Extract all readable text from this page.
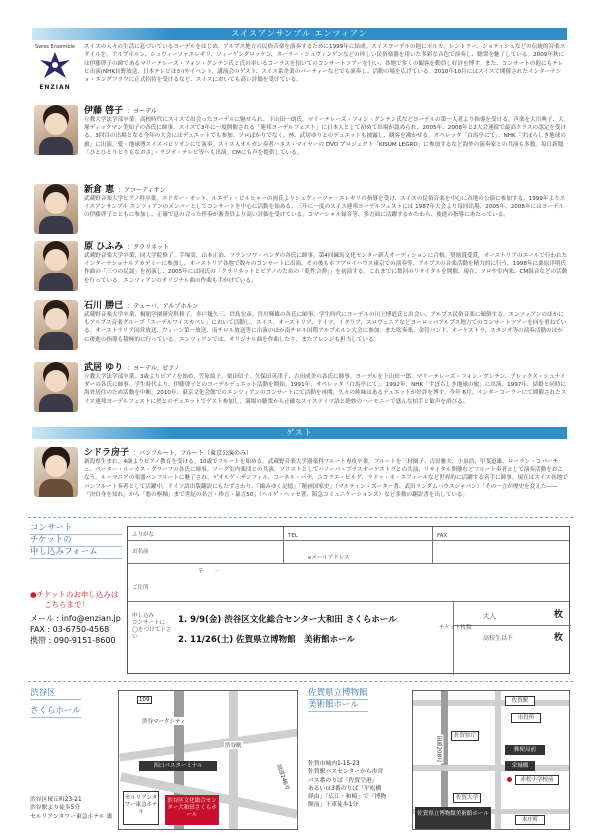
スイスアンサンブル エンツィアン
Swiss Ensemble
ENZIAN
スイスの人々の生活に息づいているヨーデルをはじめ、アルプス地方の民俗音楽を演奏するために1999年に結成。スイスヨーデルの他にポルカ、レントラー、ショティシュなどの伝統的音楽スタイルを、アルプホルン、シュヴィーツァエレギリ、ツィーゲングロッケン、ターラー・シュヴィンゲンなどの珍しい民俗楽器を用いた多彩な音色で演奏し、聴衆を魅了している。2009年秋には伊藤啓子の師であるマリーテレーズ・フォン・グンテン氏と氏の率いるコーラスを招いてのコンサートツアーを行い、各地で多くの観客を動員し好評を博す。また、コンサートの他にもテレビ出演(NHK長野放送、日本テレビほか)やイベント、講演会のゲスト、スイス系企業のパーティーなどでも演奏し、活動の場を広げている。2010年10月にはスイスで開催されたインターナショ・エングフラウに正式招待を受けるなど、スイスにおいても高い評価を受けている。
伊藤 啓子 ：ヨーデル
立教大学法学部卒業。高校時代にスイスで出会ったヨーデルに魅せられ、下山田一朗氏、マリーテレーズ・フォン・グンテン氏などヨーデルの第一人者より指導を受ける。声楽を大川典子、大塚ディックマン美知子の各氏に師事。スイスで3年に一度開催される「連邦ヨーデルフェスト」に日本人として初めて出場が認められ、2005年、2008年と2大会連続で最高クラスの認定を受ける。3回目の出場となる今年の大会にはデュエットでも参加。ソロばかりでなく、林、武居ゆりとのデュエットも披露し、観客を沸かせる。オペレッタ「白馬亭にて」、NHK「すぼらしき地球の旅」に出演。愛・地球博スイスパビリオンにて演奏。スイス人オルガン奏者ハネス・マイヤーの DVD プロジェクト「KISUM LEGRO」に参加するなど海外の演奏家との共演も多数。毎日新聞「ひとひとりとりもなおさ」・ラジオ・テレビ等へも出演。CMにも声を提供している。
新倉 恵 ：アコーディオン
武蔵野音楽大学ピアノ科卒業。エドガー・オット、ルエディ・ビルヒャーの両氏よりシュヴィーツァ・エレギリの指導を受け、スイスの民俗音楽を中心に各地の公演に参加する。1999年よりスイスアンサンブル エンツィアンのメンバーとしてコンサートを中心に活動を始める。三年に一度のスイス連邦ヨーデルフェストには 1987年大会より毎回出場、2005年、2008年にはヨーデルの伊藤啓子とともに参加し、正確で息の合った伴奏が審査員より高い評価を受けている。コマーシャル録音等、多方面に活躍するかたわら、後進の指導にあたっている。
原 ひふみ ：クラリネット
武蔵野音楽大学卒業、同大学院修了。手塚実、山本正治、フランツワ・ベンダの各氏に師事。第4回練馬文化センター新人オーディションに合格。奨励賞受賞。オーストリアのエールで行われたインターナショナルアカデミーに参加し、オーストリア各地で数々のコンサートに出演。その後もホフブロイハウス東京での演奏等、アルプスの音楽活動を精力的に行う。1998年に桑原洋明氏作曲の「三つの民謡」を初演し、2005年には同氏の「クラリネットとピアノのための「乾性合弾」」を初演する。これまでに数回のリサイタルを開催、現在、ソロや室内楽、CM録音などの活動を行っている。エンツィアンのオリジナル曲の作曲も手がけている。
石川 勝已 ：テューバ、アルプホルン
武蔵野音楽大学卒業、桐朋学園研究科修了。多戸幾久三、員島宏彦、宮川輝雄の各氏に師事。学生時代にヨーデルの川上博道氏と出会い、アルプス民俗音楽に傾倒する。エンツィアンのほかにもアルプス音楽グループ「エーデルワイスカペレ」において活動し、スイス、オーストリア、ドイツ、イタリア、スロヴェニアなどヨーロッパアルプス地方でのコンサートツアーを回を重ねている。オーストラリア国営放送、ウィーン第一放送、南チロル放送等に出演のほか南チロル国際アルプホルン大会に参加。また吹奏楽、金管バンド、オーケストラ、スタジオ等の演奏活動のほかに後進の指導も積極的に行っている。エンツィアンでは、オリジナル曲を作曲したり、またアレンジも担当している。
武居 ゆり ：ヨーデル、ピアノ
立教大学法学部卒業。3歳よりピアノを始め、笠原綾子、栗田信子、久保田英津子、吉田成美の各氏に師事。ヨーデルを下山田一郎、マリーテレーズ・フォン・グンテン、アレックス・シュナイダーの各氏に師事。学生時代より、伊藤啓子とのヨーデルデュエット活動を開始。1991年、オペレッタ「白馬亭にて」、1992年、NHK「すぼらしき地球の旅」に出演。1997年、結婚と同時に海外居住のため活動を中断。2010年、東京文化会館でのエンツィアンのコンサートにて活動を再開、久々の純味はあるデュエットが好評を博す。今年 6月、インターコーラーにて開催されたスイス連邦ヨーデルフェストに於とのデュエットでゲスト参加し、満場の聴衆から正確なスイスドイツ語と絶妙のハーモニーで盛んな拍手と歓声を浴びる。
ゲスト
シドラ房子 ：パンフルート、フルート（東京公演のみ）
新潟県生まれ。4歳よりピアノ教育を受ける。10歳でフルートを始める。武蔵野音楽大学器楽科フルート専攻卒業。フルートを三村園子、吉田雅夫、小泉浩、甲斐道雄、ローラン・コバーチェ、ペーター・ルーカス・グラーフの各氏に師事。ソーグ室内楽団との共演、ソリストとしてハノーバ・ブラスオーケストラとの共演、リサイタル開催などフルート奏者として演奏活動をおこなう。ルーマニアの楽器パンフルートに魅了され、ゲオルゲ・ザンフィル、コーネル・パナ、ニコラエ・ピルグ、ラドゥ・ネ・エフィールなど世界的に活躍する名手に師事。現在はスイス各地でパンフルート奏者として活躍中。ドイツ語出版翻訳にもたずさわり、「縮みゆく記憶」「秘画国家史」（マルティン・ズーター著、武田ランダムハウスジャパン）「その一言が歴史を変えた――「決自身を知れ」から「悪の枢軸」まで世紀の名言・珍言・暴言50」（ヘルゲ・ヘッセ著、阪急コミュニケーションズ）など多数の翻訳書を出している。
コンサート
チケットの
申し込みフォーム
●チケットのお申し込みは
こちらまで！
メール : info@enzian.jp
FAX : 03-6750-4568
携帯 : 090-9151-8600
ふりがな
お名前
TEL	FAX
eメールアドレス
〒　　－
ご住所
申し込み
コンサートに
◯をつけて下さい
1. 9/9(金) 渋谷区文化総合センター大和田 さくらホール
2. 11/26(土) 佐賀県立博物館　美術館ホール
大人	枚
チケット枚数
高校生以下	枚
渋谷区
さくらホール
渋谷区桜丘町23-21
渋谷駅より徒歩5分
セルリアンタワー東急ホテル 裏
109
渋谷マークシティ
渋谷駅
西口バスターミナル	国道246号
セルリアンタワー東急ホテル
渋谷区文化総合センター大和田さくらホール
佐賀県立博物館
美術館ホール
佐賀市城内1-15-23
佐賀駅バスセンターから市営
バス番のりば「佐賀空港」
あるいは3番のりば「平松橋
経由」「広江・和崎」で「博物
館前」下車徒歩1分
佐賀駅
市役所
国道208号	佐賀県庁
郵便局前
栄城橋
赤松小学校前
佐賀大学
本庄町
佐賀県立博物館美術館ホール
